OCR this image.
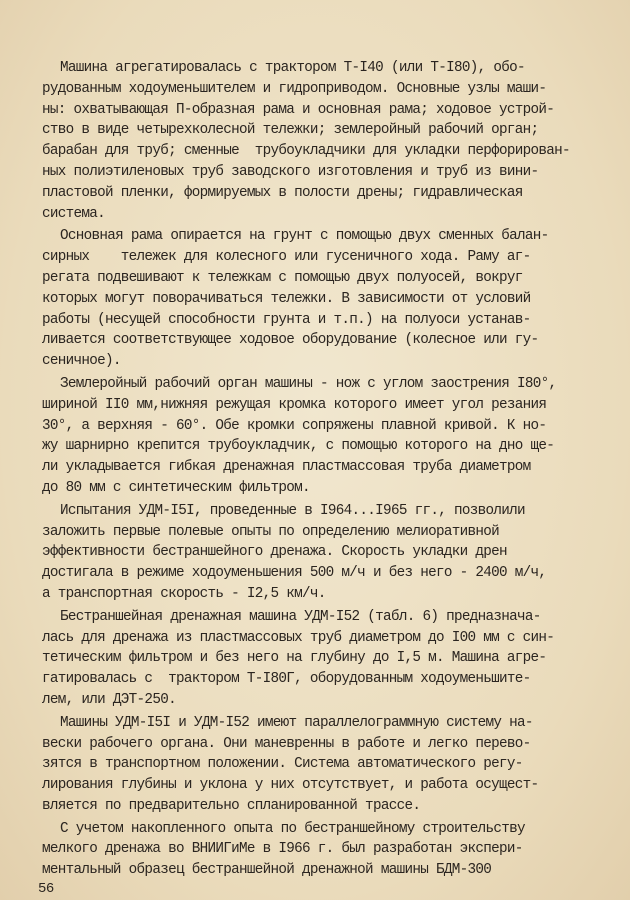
Машина агрегатировалась с трактором Т-I40 (или Т-I80), обо-
рудованным ходоуменьшителем и гидроприводом. Основные узлы маши-
ны: охватывающая П-образная рама и основная рама; ходовое устрой-
ство в виде четырехколесной тележки; землеройный рабочий орган;
барабан для труб; сменные  трубоукладчики для укладки перфорирован-
ных полиэтиленовых труб заводского изготовления и труб из вини-
пластовой пленки, формируемых в полости дрены; гидравлическая
система.
Основная рама опирается на грунт с помощью двух сменных балан-
сирных    тележек для колесного или гусеничного хода. Раму аг-
регата подвешивают к тележкам с помощью двух полуосей, вокруг
которых могут поворачиваться тележки. В зависимости от условий
работы (несущей способности грунта и т.п.) на полуоси устанав-
ливается соответствующее ходовое оборудование (колесное или гу-
сеничное).
Землеройный рабочий орган машины - нож с углом заострения I80°,
шириной II0 мм,нижняя режущая кромка которого имеет угол резания
30°, а верхняя - 60°. Обе кромки сопряжены плавной кривой. К но-
жу шарнирно крепится трубоукладчик, с помощью которого на дно ще-
ли укладывается гибкая дренажная пластмассовая труба диаметром
до 80 мм с синтетическим фильтром.
Испытания УДМ-I5I, проведенные в I964...I965 гг., позволили
заложить первые полевые опыты по определению мелиоративной
эффективности бестраншейного дренажа. Скорость укладки дрен
достигала в режиме ходоуменьшения 500 м/ч и без него - 2400 м/ч,
а транспортная скорость - I2,5 км/ч.
Бестраншейная дренажная машина УДМ-I52 (табл. 6) предназнача-
лась для дренажа из пластмассовых труб диаметром до I00 мм с син-
тетическим фильтром и без него на глубину до I,5 м. Машина агре-
гатировалась с  трактором Т-I80Г, оборудованным ходоуменьшите-
лем, или ДЭТ-250.
Машины УДМ-I5I и УДМ-I52 имеют параллелограммную систему на-
вески рабочего органа. Они маневренны в работе и легко перево-
зятся в транспортном положении. Система автоматического регу-
лирования глубины и уклона у них отсутствует, и работа осущест-
вляется по предварительно спланированной трассе.
С учетом накопленного опыта по бестраншейному строительству
мелкого дренажа во ВНИИГиМе в I966 г. был разработан экспери-
ментальный образец бестраншейной дренажной машины БДМ-300
56
